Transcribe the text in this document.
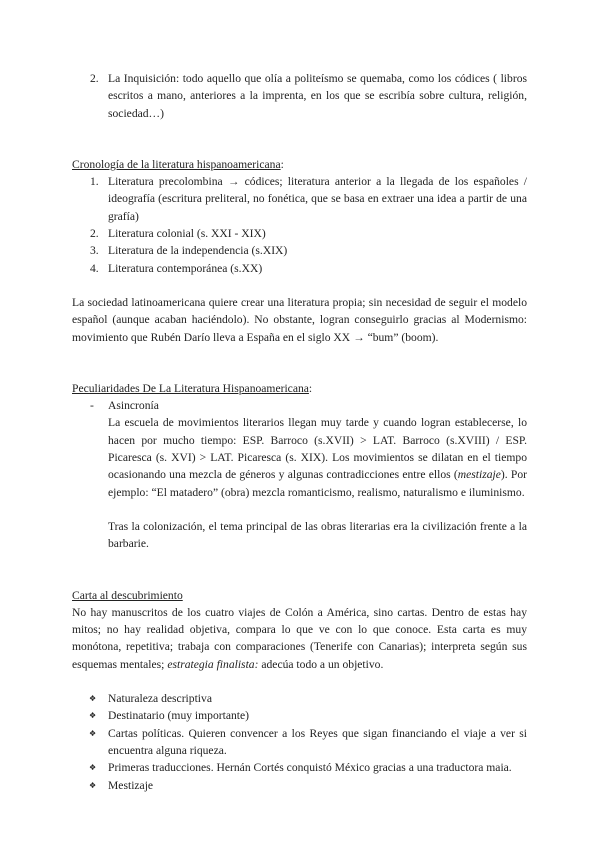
2. La Inquisición: todo aquello que olía a politeísmo se quemaba, como los códices ( libros escritos a mano, anteriores a la imprenta, en los que se escribía sobre cultura, religión, sociedad…)

Cronología de la literatura hispanoamericana:

1. Literatura precolombina → códices; literatura anterior a la llegada de los españoles / ideografía (escritura preliteral, no fonética, que se basa en extraer una idea a partir de una grafía)
2. Literatura colonial (s. XXI - XIX)
3. Literatura de la independencia (s.XIX)
4. Literatura contemporánea (s.XX)

La sociedad latinoamericana quiere crear una literatura propia; sin necesidad de seguir el modelo español (aunque acaban haciéndolo). No obstante, logran conseguirlo gracias al Modernismo: movimiento que Rubén Darío lleva a España en el siglo XX → “bum” (boom).

Peculiaridades De La Literatura Hispanoamericana:

- Asincronía

La escuela de movimientos literarios llegan muy tarde y cuando logran establecerse, lo hacen por mucho tiempo: ESP. Barroco (s.XVII) > LAT. Barroco (s.XVIII) / ESP. Picaresca (s. XVI) > LAT. Picaresca (s. XIX). Los movimientos se dilatan en el tiempo ocasionando una mezcla de géneros y algunas contradicciones entre ellos (mestizaje). Por ejemplo: “El matadero” (obra) mezcla romanticismo, realismo, naturalismo e iluminismo.

Tras la colonización, el tema principal de las obras literarias era la civilización frente a la barbarie.

Carta al descubrimiento

No hay manuscritos de los cuatro viajes de Colón a América, sino cartas. Dentro de estas hay mitos; no hay realidad objetiva, compara lo que ve con lo que conoce. Esta carta es muy monótona, repetitiva; trabaja con comparaciones (Tenerife con Canarias); interpreta según sus esquemas mentales; estrategia finalista: adecúa todo a un objetivo.

❖ Naturaleza descriptiva
❖ Destinatario (muy importante)
❖ Cartas políticas. Quieren convencer a los Reyes que sigan financiando el viaje a ver si encuentra alguna riqueza.
❖ Primeras traducciones. Hernán Cortés conquistó México gracias a una traductora maia.
❖ Mestizaje
